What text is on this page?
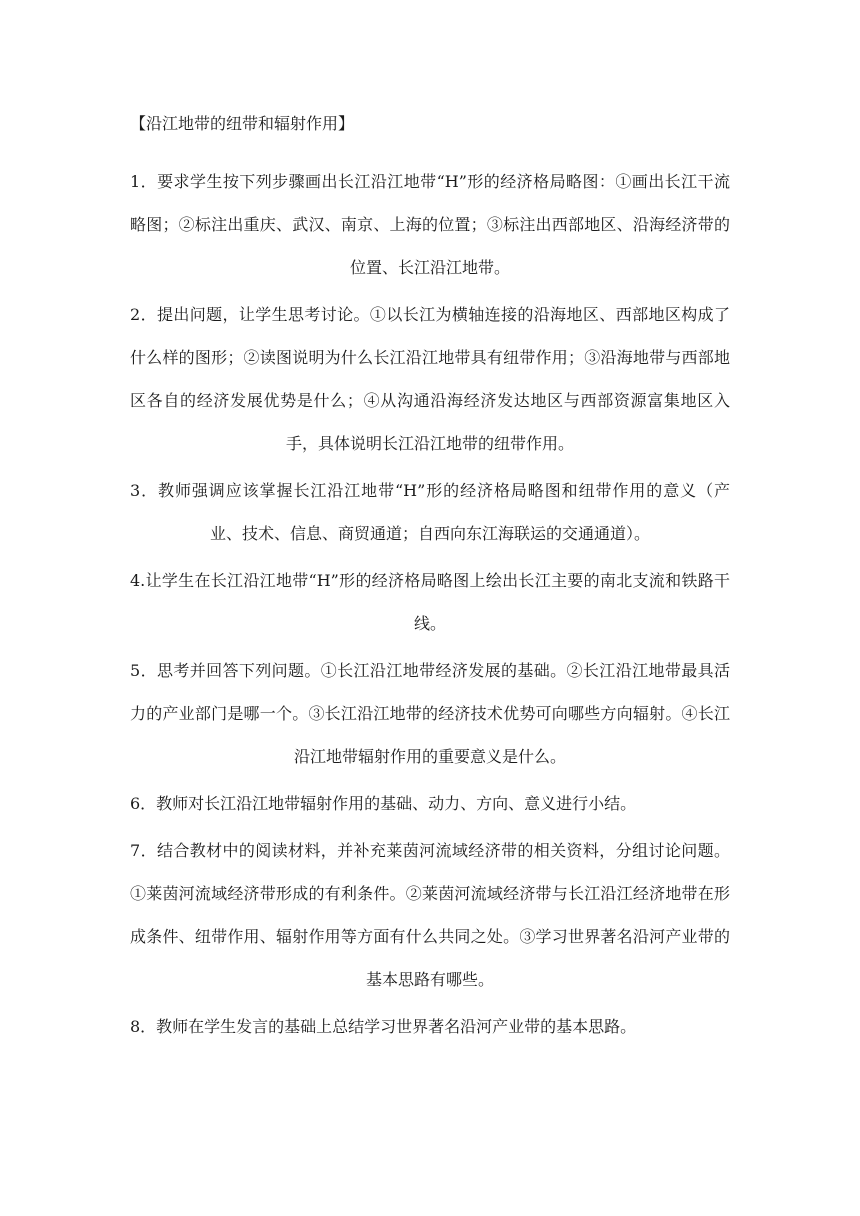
【沿江地带的纽带和辐射作用】

1．要求学生按下列步骤画出长江沿江地带“H”形的经济格局略图：①画出长江干流略图；②标注出重庆、武汉、南京、上海的位置；③标注出西部地区、沿海经济带的位置、长江沿江地带。

2．提出问题，让学生思考讨论。①以长江为横轴连接的沿海地区、西部地区构成了什么样的图形；②读图说明为什么长江沿江地带具有纽带作用；③沿海地带与西部地区各自的经济发展优势是什么；④从沟通沿海经济发达地区与西部资源富集地区入手，具体说明长江沿江地带的纽带作用。

3．教师强调应该掌握长江沿江地带“H”形的经济格局略图和纽带作用的意义（产业、技术、信息、商贸通道；自西向东江海联运的交通通道）。

4.让学生在长江沿江地带“H”形的经济格局略图上绘出长江主要的南北支流和铁路干线。

5．思考并回答下列问题。①长江沿江地带经济发展的基础。②长江沿江地带最具活力的产业部门是哪一个。③长江沿江地带的经济技术优势可向哪些方向辐射。④长江沿江地带辐射作用的重要意义是什么。

6．教师对长江沿江地带辐射作用的基础、动力、方向、意义进行小结。

7．结合教材中的阅读材料，并补充莱茵河流域经济带的相关资料，分组讨论问题。①莱茵河流域经济带形成的有利条件。②莱茵河流域经济带与长江沿江经济地带在形成条件、纽带作用、辐射作用等方面有什么共同之处。③学习世界著名沿河产业带的基本思路有哪些。

8．教师在学生发言的基础上总结学习世界著名沿河产业带的基本思路。
